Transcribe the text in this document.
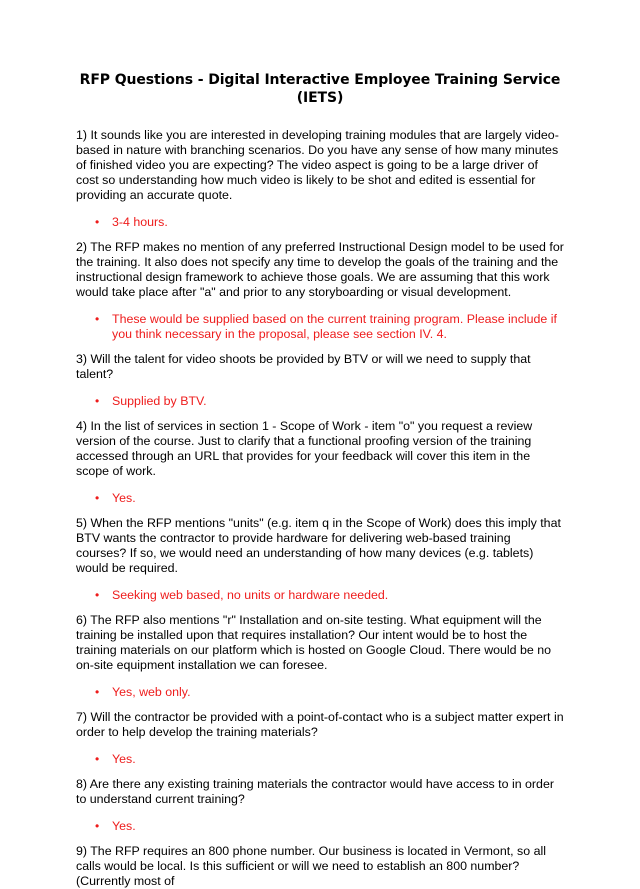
RFP Questions - Digital Interactive Employee Training Service (IETS)

1) It sounds like you are interested in developing training modules that are largely video-based in nature with branching scenarios. Do you have any sense of how many minutes of finished video you are expecting? The video aspect is going to be a large driver of cost so understanding how much video is likely to be shot and edited is essential for providing an accurate quote.

• 3-4 hours.

2) The RFP makes no mention of any preferred Instructional Design model to be used for the training. It also does not specify any time to develop the goals of the training and the instructional design framework to achieve those goals. We are assuming that this work would take place after "a" and prior to any storyboarding or visual development.

• These would be supplied based on the current training program. Please include if you think necessary in the proposal, please see section IV. 4.

3) Will the talent for video shoots be provided by BTV or will we need to supply that talent?

• Supplied by BTV.

4) In the list of services in section 1 - Scope of Work - item "o" you request a review version of the course. Just to clarify that a functional proofing version of the training accessed through an URL that provides for your feedback will cover this item in the scope of work.

• Yes.

5) When the RFP mentions "units" (e.g. item q in the Scope of Work) does this imply that BTV wants the contractor to provide hardware for delivering web-based training courses? If so, we would need an understanding of how many devices (e.g. tablets) would be required.

• Seeking web based, no units or hardware needed.

6) The RFP also mentions "r" Installation and on-site testing. What equipment will the training be installed upon that requires installation? Our intent would be to host the training materials on our platform which is hosted on Google Cloud. There would be no on-site equipment installation we can foresee.

• Yes, web only.

7) Will the contractor be provided with a point-of-contact who is a subject matter expert in order to help develop the training materials?

• Yes.

8) Are there any existing training materials the contractor would have access to in order to understand current training?

• Yes.

9) The RFP requires an 800 phone number. Our business is located in Vermont, so all calls would be local. Is this sufficient or will we need to establish an 800 number? (Currently most of
